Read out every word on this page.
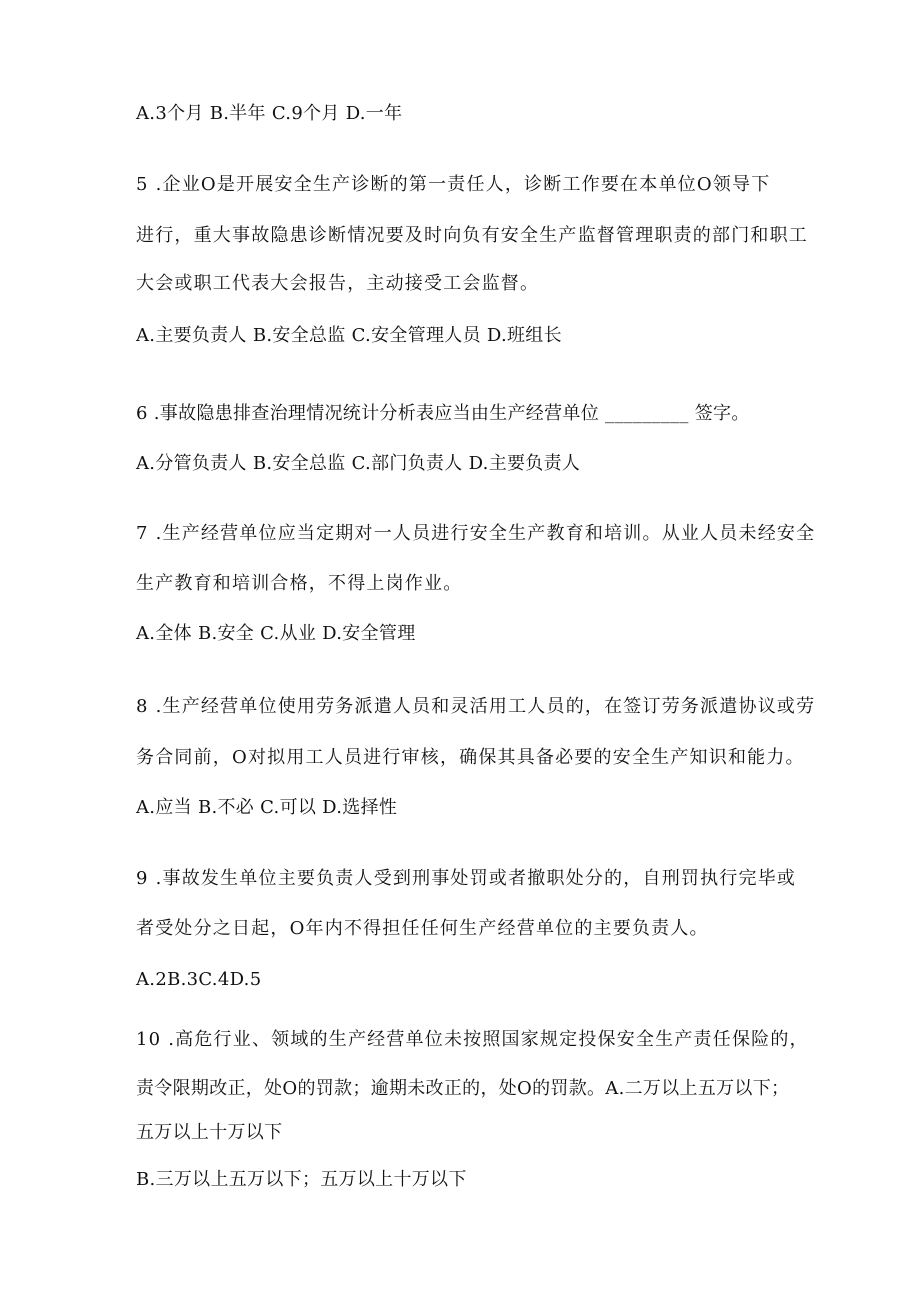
A.3个月 B.半年 C.9个月 D.一年
5 .企业O是开展安全生产诊断的第一责任人，诊断工作要在本单位O领导下
进行，重大事故隐患诊断情况要及时向负有安全生产监督管理职责的部门和职工
大会或职工代表大会报告，主动接受工会监督。
A.主要负责人 B.安全总监 C.安全管理人员 D.班组长
6 .事故隐患排查治理情况统计分析表应当由生产经营单位 _________ 签字。
A.分管负责人 B.安全总监 C.部门负责人 D.主要负责人
7 .生产经营单位应当定期对一人员进行安全生产教育和培训。从业人员未经安全
生产教育和培训合格，不得上岗作业。
A.全体 B.安全 C.从业 D.安全管理
8 .生产经营单位使用劳务派遣人员和灵活用工人员的，在签订劳务派遣协议或劳
务合同前，O对拟用工人员进行审核，确保其具备必要的安全生产知识和能力。
A.应当 B.不必 C.可以 D.选择性
9 .事故发生单位主要负责人受到刑事处罚或者撤职处分的，自刑罚执行完毕或
者受处分之日起，O年内不得担任任何生产经营单位的主要负责人。
A.2B.3C.4D.5
10 .高危行业、领域的生产经营单位未按照国家规定投保安全生产责任保险的，
责令限期改正，处O的罚款；逾期未改正的，处O的罚款。A.二万以上五万以下；
五万以上十万以下
B.三万以上五万以下；五万以上十万以下
